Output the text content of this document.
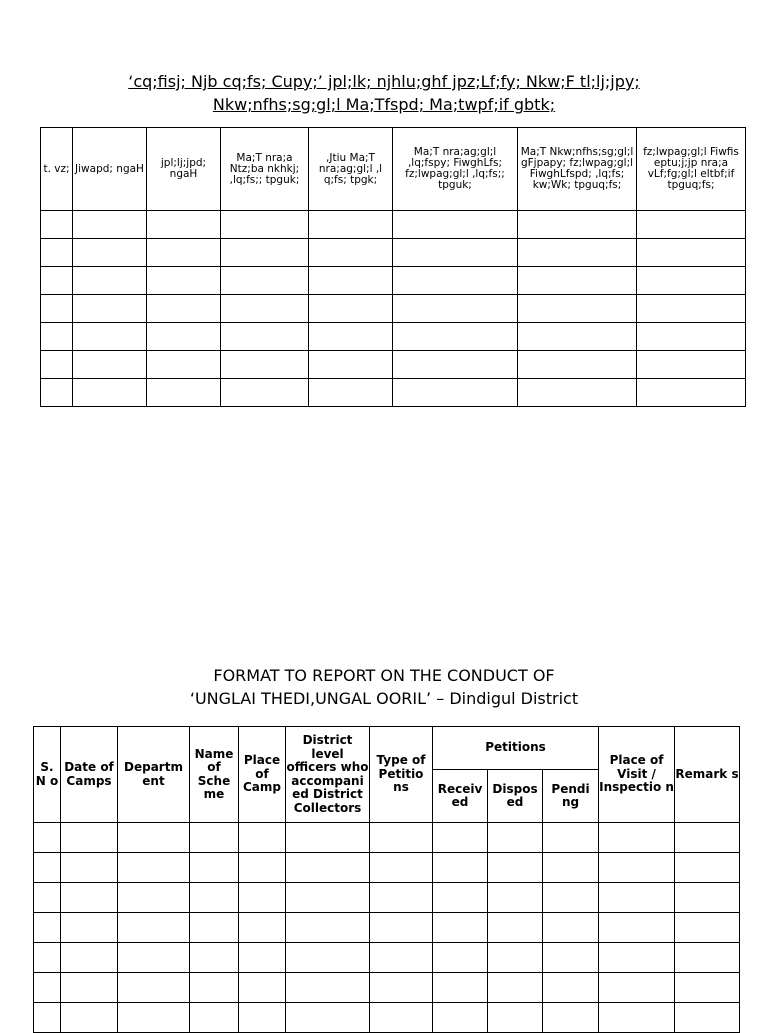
‘cq;fisj; Njb cq;fs; Cupy;’ jpl;lk; njhlu;ghf jpz;Lf;fy; Nkw;F tl;lj;jpy;
Nkw;nfhs;sg;gl;l Ma;Tfspd; Ma;twpf;if gbtk;
t. vz;	Jiwapd; ngaH	jpl;lj;jpd; ngaH	Ma;T nra;a Ntz;ba nkhkj; ,lq;fs;; tpguk;	,Jtiu Ma;T nra;ag;gl;l ,l q;fs; tpgk;	Ma;T nra;ag;gl;l ,lq;fspy; FiwghLfs; fz;lwpag;gl;l ,lq;fs;; tpguk;	Ma;T Nkw;nfhs;sg;gl;l gFjpapy; fz;lwpag;gl;l FiwghLfspd; ,lq;fs; kw;Wk; tpguq;fs;	fz;lwpag;gl;l Fiwfis eptu;j;jp nra;a vLf;fg;gl;l eltbf;if tpguq;fs;

FORMAT TO REPORT ON THE CONDUCT OF
‘UNGLAI THEDI,UNGAL OORIL’ – Dindigul District
S. N o	Date of Camps	Departm ent	Name of Sche me	Place of Camp	District level officers who accompani ed District Collectors	Type of Petitio ns	Petitions			Place of Visit / Inspectio n	Remark s
							Receiv ed	Dispos ed	Pendi ng		
